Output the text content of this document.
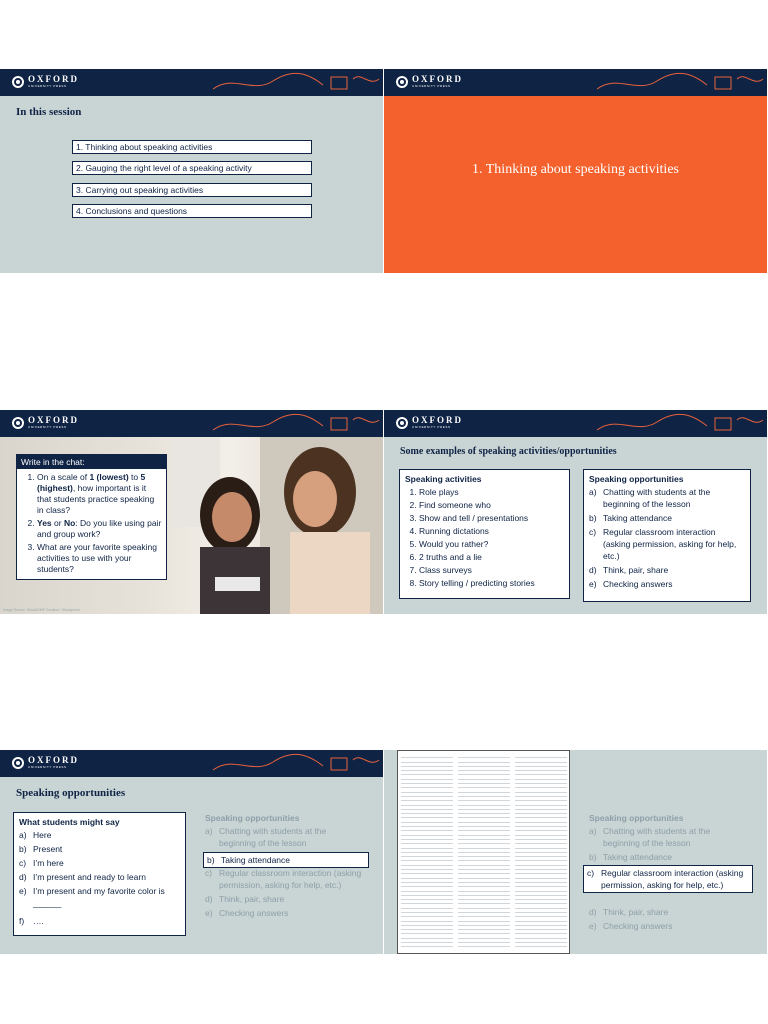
OXFORD
UNIVERSITY PRESS
In this session
1. Thinking about speaking activities
2. Gauging the right level of a speaking activity
3. Carrying out speaking activities
4. Conclusions and questions
OXFORD
UNIVERSITY PRESS
1. Thinking about speaking activities
OXFORD
UNIVERSITY PRESS
Write in the chat:
1. On a scale of 1 (lowest) to 5 (highest), how important is it that students practice speaking in class?
2. Yes or No: Do you like using pair and group work?
3. What are your favorite speaking activities to use with your students?
Image Source: iStock/DMP Creative / iStockphoto
OXFORD
UNIVERSITY PRESS
Some examples of speaking activities/opportunities
Speaking activities
1. Role plays
2. Find someone who
3. Show and tell / presentations
4. Running dictations
5. Would you rather?
6. 2 truths and a lie
7. Class surveys
8. Story telling / predicting stories
Speaking opportunities
a) Chatting with students at the beginning of the lesson
b) Taking attendance
c) Regular classroom interaction (asking permission, asking for help, etc.)
d) Think, pair, share
e) Checking answers
OXFORD
UNIVERSITY PRESS
Speaking opportunities
What students might say
a) Here
b) Present
c) I’m here
d) I’m present and ready to learn
e) I’m present and my favorite color is ______
f)	….
Speaking opportunities
a) Chatting with students at the beginning of the lesson
c) Regular classroom interaction (asking permission, asking for help, etc.)
d) Think, pair, share
e) Checking answers
b) Taking attendance
Speaking opportunities
a) Chatting with students at the beginning of the lesson
b) Taking attendance
d) Think, pair, share
e) Checking answers
c) Regular classroom interaction (asking permission, asking for help, etc.)
